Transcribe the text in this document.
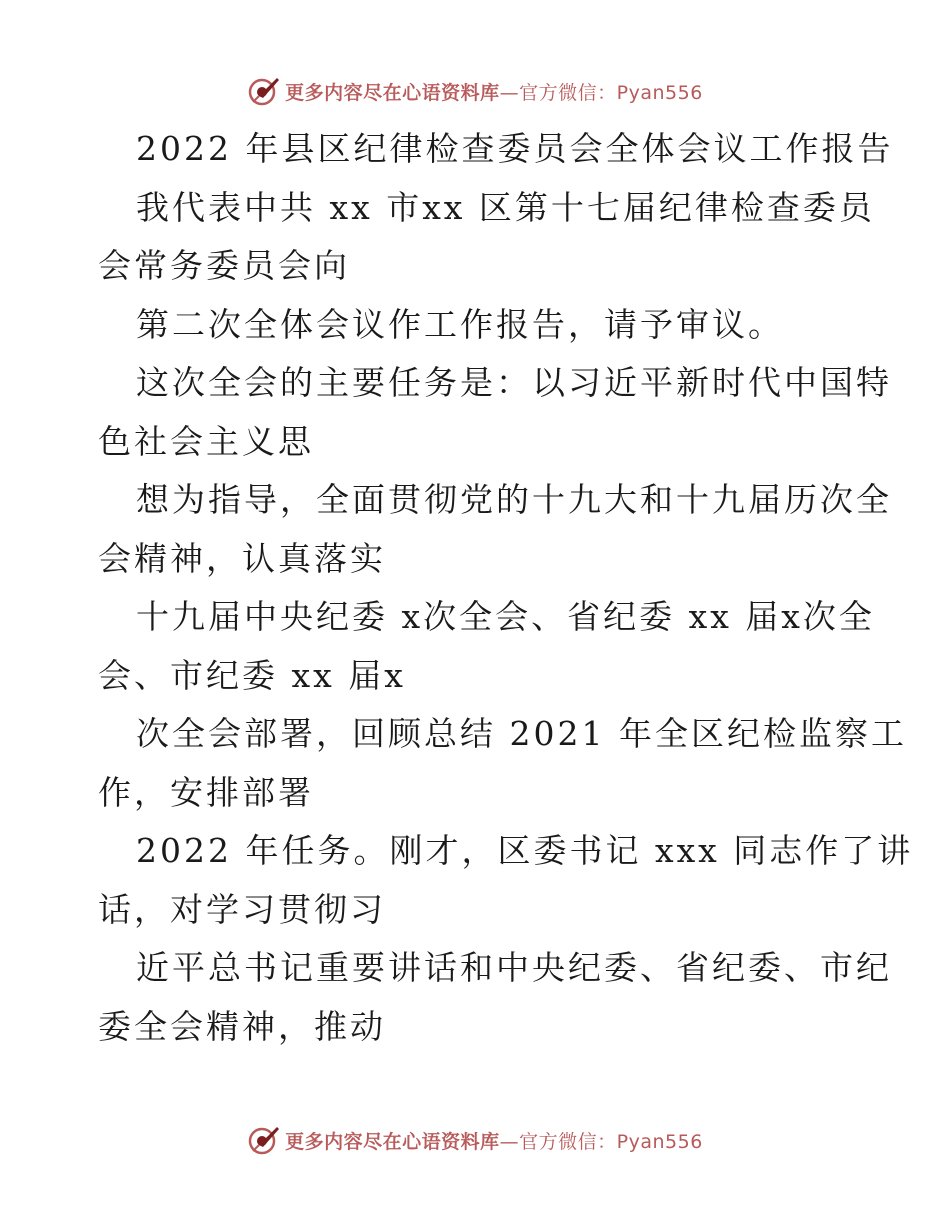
更多内容尽在心语资料库—官方微信：Pyan556

2022 年县区纪律检查委员会全体会议工作报告

我代表中共 xx 市xx 区第十七届纪律检查委员

会常务委员会向

第二次全体会议作工作报告，请予审议。

这次全会的主要任务是：以习近平新时代中国特

色社会主义思

想为指导，全面贯彻党的十九大和十九届历次全

会精神，认真落实

十九届中央纪委 x次全会、省纪委 xx 届x次全

会、市纪委 xx 届x

次全会部署，回顾总结 2021 年全区纪检监察工

作，安排部署

2022 年任务。刚才，区委书记 xxx 同志作了讲

话，对学习贯彻习

近平总书记重要讲话和中央纪委、省纪委、市纪

委全会精神，推动

更多内容尽在心语资料库—官方微信：Pyan556
